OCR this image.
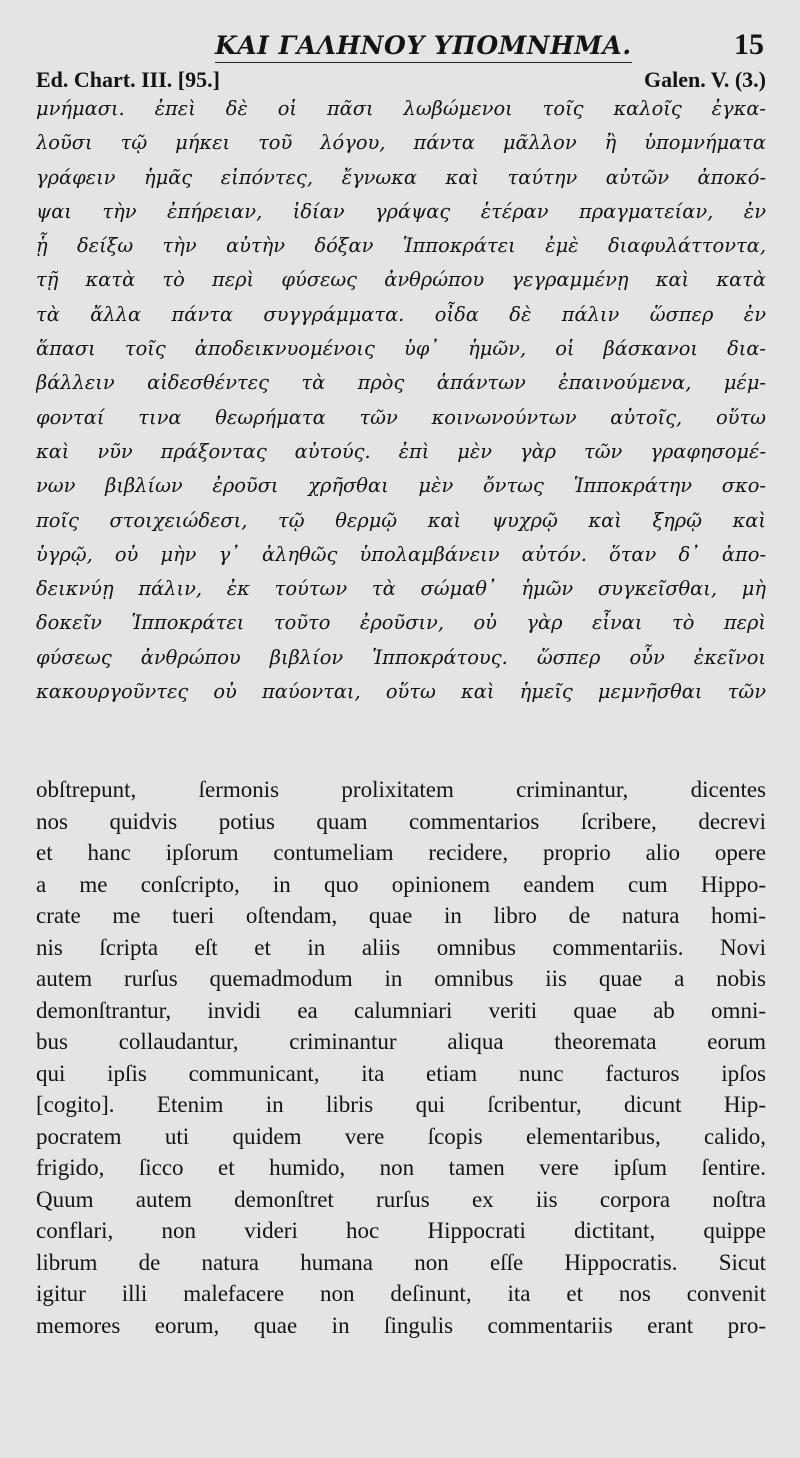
ΚΑΙ ΓΑΛΗΝΟΥ ΥΠΟΜΝΗΜΑ.	15
Ed. Chart. III. [95.]	Galen. V. (3.)
μνήμασι. ἐπεὶ δὲ οἱ πᾶσι λωβώμενοι τοῖς καλοῖς ἐγκα-
λοῦσι τῷ μήκει τοῦ λόγου, πάντα μᾶλλον ἢ ὑπομνήματα
γράφειν ἡμᾶς εἰπόντες, ἔγνωκα καὶ ταύτην αὐτῶν ἀποκό-
ψαι τὴν ἐπήρειαν, ἰδίαν γράψας ἑτέραν πραγματείαν, ἐν
ᾗ δείξω τὴν αὐτὴν δόξαν Ἱπποκράτει ἐμὲ διαφυλάττοντα,
τῇ κατὰ τὸ περὶ φύσεως ἀνθρώπου γεγραμμένῃ καὶ κατὰ
τὰ ἄλλα πάντα συγγράμματα. οἶδα δὲ πάλιν ὥσπερ ἐν
ἅπασι τοῖς ἀποδεικνυομένοις ὑφ᾽ ἡμῶν, οἱ βάσκανοι δια-
βάλλειν αἰδεσθέντες τὰ πρὸς ἁπάντων ἐπαινούμενα, μέμ-
φονταί τινα θεωρήματα τῶν κοινωνούντων αὐτοῖς, οὕτω
καὶ νῦν πράξοντας αὐτούς. ἐπὶ μὲν γὰρ τῶν γραφησομέ-
νων βιβλίων ἐροῦσι χρῆσθαι μὲν ὄντως Ἱπποκράτην σκο-
ποῖς στοιχειώδεσι, τῷ θερμῷ καὶ ψυχρῷ καὶ ξηρῷ καὶ
ὑγρῷ, οὐ μὴν γ᾽ ἀληθῶς ὑπολαμβάνειν αὐτόν. ὅταν δ᾽ ἀπο-
δεικνύῃ πάλιν, ἐκ τούτων τὰ σώμαθ᾽ ἡμῶν συγκεῖσθαι, μὴ
δοκεῖν Ἱπποκράτει τοῦτο ἐροῦσιν, οὐ γὰρ εἶναι τὸ περὶ
φύσεως ἀνθρώπου βιβλίον Ἱπποκράτους. ὥσπερ οὖν ἐκεῖνοι
κακουργοῦντες οὐ παύονται, οὕτω καὶ ἡμεῖς μεμνῆσθαι τῶν
obſtrepunt, ſermonis prolixitatem criminantur, dicentes
nos quidvis potius quam commentarios ſcribere, decrevi
et hanc ipſorum contumeliam recidere, proprio alio opere
a me conſcripto, in quo opinionem eandem cum Hippo-
crate me tueri oſtendam, quae in libro de natura homi-
nis ſcripta eſt et in aliis omnibus commentariis. Novi
autem rurſus quemadmodum in omnibus iis quae a nobis
demonſtrantur, invidi ea calumniari veriti quae ab omni-
bus collaudantur, criminantur aliqua theoremata eorum
qui ipſis communicant, ita etiam nunc facturos ipſos
[cogito]. Etenim in libris qui ſcribentur, dicunt Hip-
pocratem uti quidem vere ſcopis elementaribus, calido,
frigido, ſicco et humido, non tamen vere ipſum ſentire.
Quum autem demonſtret rurſus ex iis corpora noſtra
conflari, non videri hoc Hippocrati dictitant, quippe
librum de natura humana non eſſe Hippocratis. Sicut
igitur illi malefacere non deſinunt, ita et nos convenit
memores eorum, quae in ſingulis commentariis erant pro-
